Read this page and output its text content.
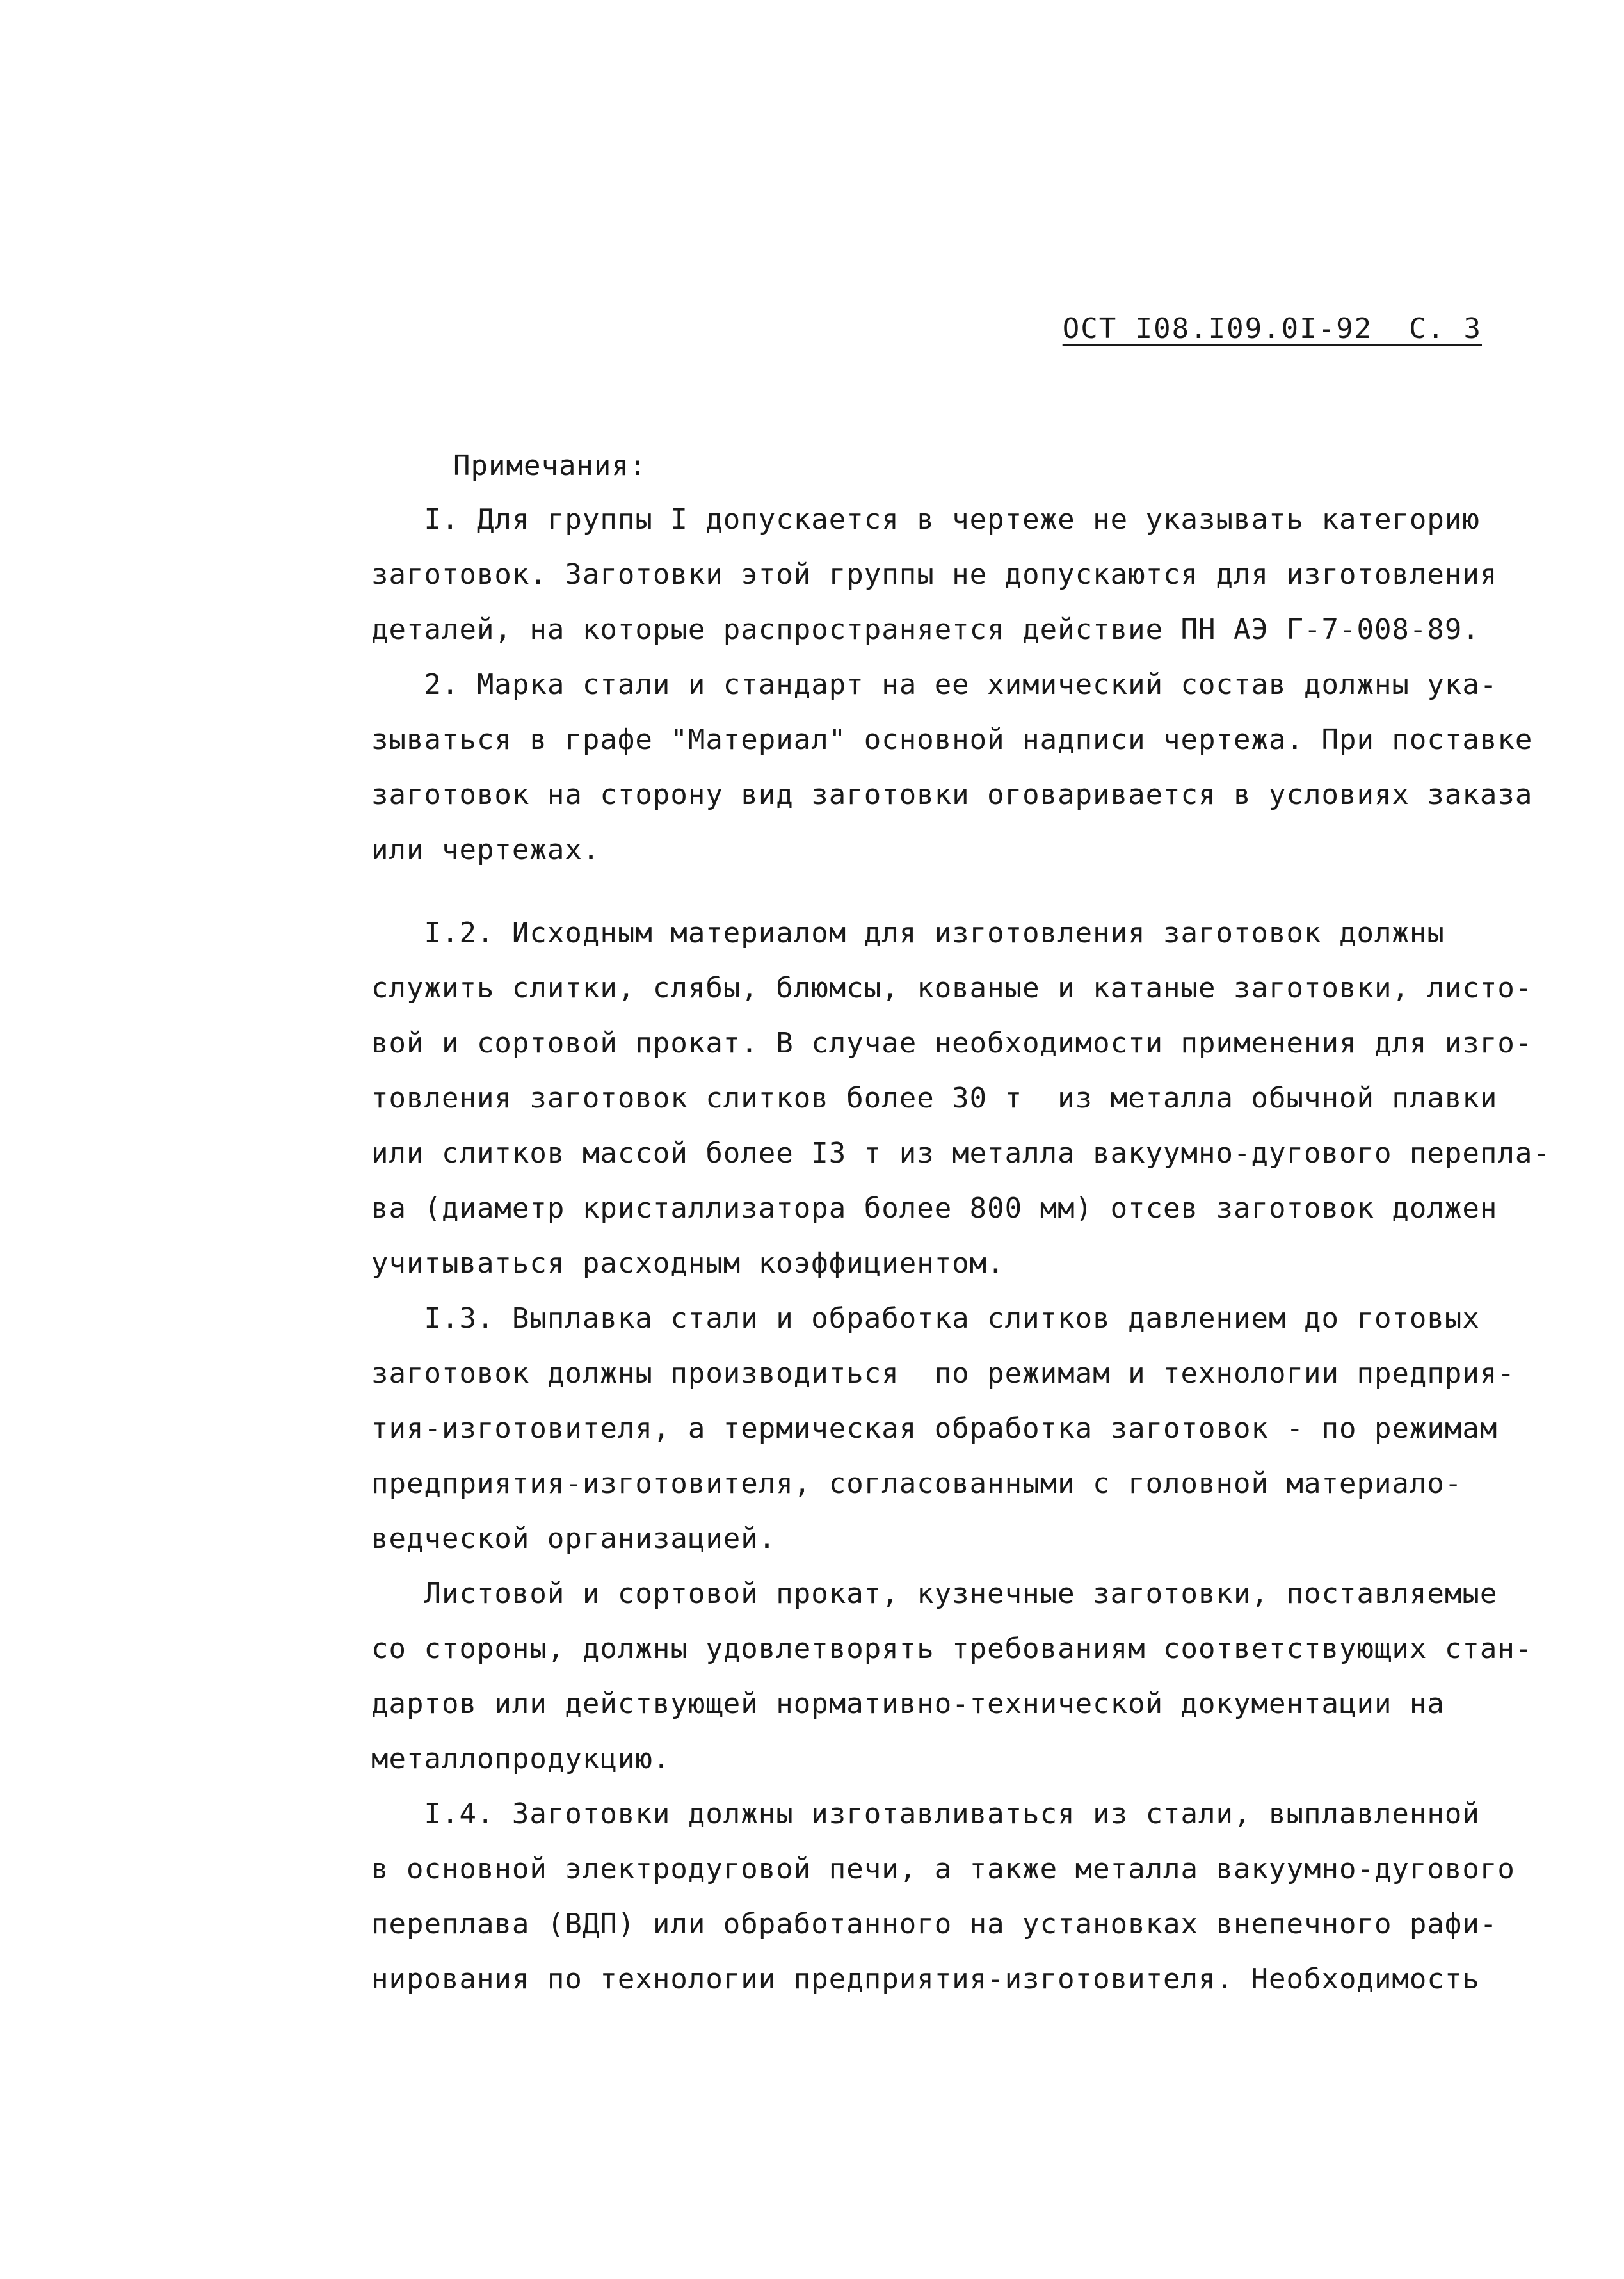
ОСТ I08.I09.0I-92  С. 3
Примечания:
I. Для группы I допускается в чертеже не указывать категорию
заготовок. Заготовки этой группы не допускаются для изготовления
деталей, на которые распространяется действие ПН АЭ Г-7-008-89.
2. Марка стали и стандарт на ее химический состав должны ука-
зываться в графе "Материал" основной надписи чертежа. При поставке
заготовок на сторону вид заготовки оговаривается в условиях заказа
или чертежах.
I.2. Исходным материалом для изготовления заготовок должны
служить слитки, слябы, блюмсы, кованые и катаные заготовки, листо-
вой и сортовой прокат. В случае необходимости применения для изго-
товления заготовок слитков более 30 т  из металла обычной плавки
или слитков массой более I3 т из металла вакуумно-дугового перепла-
ва (диаметр кристаллизатора более 800 мм) отсев заготовок должен
учитываться расходным коэффициентом.
I.3. Выплавка стали и обработка слитков давлением до готовых
заготовок должны производиться  по режимам и технологии предприя-
тия-изготовителя, а термическая обработка заготовок - по режимам
предприятия-изготовителя, согласованными с головной материало-
ведческой организацией.
Листовой и сортовой прокат, кузнечные заготовки, поставляемые
со стороны, должны удовлетворять требованиям соответствующих стан-
дартов или действующей нормативно-технической документации на
металлопродукцию.
I.4. Заготовки должны изготавливаться из стали, выплавленной
в основной электродуговой печи, а также металла вакуумно-дугового
переплава (ВДП) или обработанного на установках внепечного рафи-
нирования по технологии предприятия-изготовителя. Необходимость
